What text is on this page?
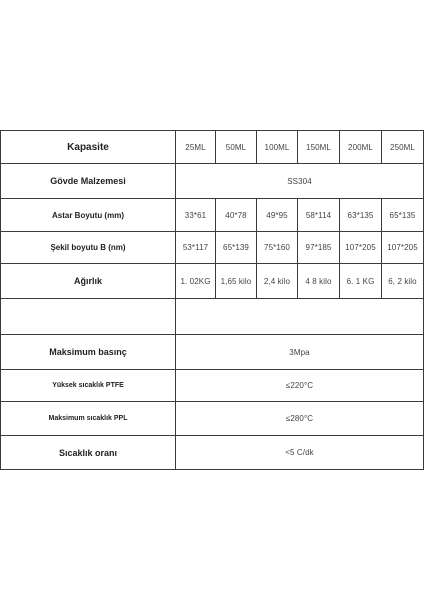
Kapasite	25ML	50ML	100ML	150ML	200ML	250ML
Gövde Malzemesi	SS304					
Astar Boyutu (mm)	33*61	40*78	49*95	58*114	63*135	65*135
Şekil boyutu B (nm)	53*117	65*139	75*160	97*185	107*205	107*205
Ağırlık	1. 02KG	1,65 kilo	2,4 kilo	4 8 kilo	6. 1 KG	6, 2 kilo

Maksimum basınç	3Mpa					
Yüksek sıcaklık PTFE	≤220°C					
Maksimum sıcaklık PPL	≤280°C					
Sıcaklık oranı	<5 C/dk					
